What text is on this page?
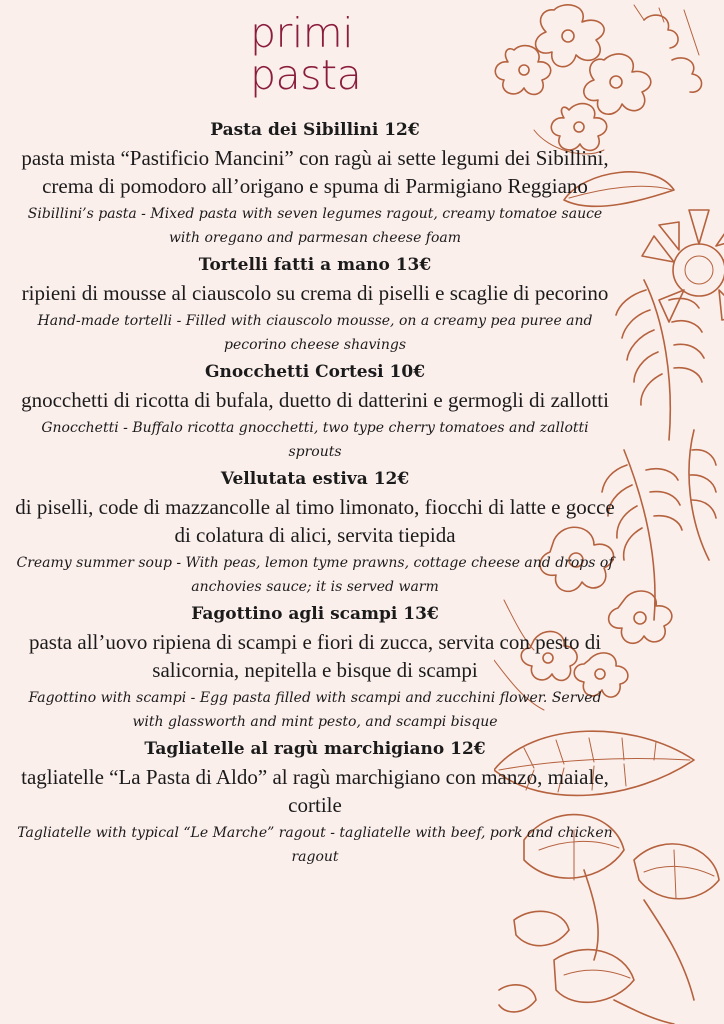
primi
pasta

Pasta dei Sibillini 12€

pasta mista “Pastificio Mancini” con ragù ai sette legumi dei Sibillini, crema di pomodoro all’origano e spuma di Parmigiano Reggiano

Sibillini’s pasta - Mixed pasta with seven legumes ragout, creamy tomatoe sauce with oregano and parmesan cheese foam

Tortelli fatti a mano 13€

ripieni di mousse al ciauscolo su crema di piselli e scaglie di pecorino

Hand-made tortelli - Filled with ciauscolo mousse, on a creamy pea puree and pecorino cheese shavings

Gnocchetti Cortesi 10€

gnocchetti di ricotta di bufala, duetto di datterini e germogli di zallotti

Gnocchetti - Buffalo ricotta gnocchetti, two type cherry tomatoes and zallotti sprouts

Vellutata estiva 12€

di piselli, code di mazzancolle al timo limonato, fiocchi di latte e gocce di colatura di alici, servita tiepida

Creamy summer soup - With peas, lemon tyme prawns, cottage cheese and drops of anchovies sauce; it is served warm

Fagottino agli scampi 13€

pasta all’uovo ripiena di scampi e fiori di zucca, servita con pesto di salicornia, nepitella e bisque di scampi

Fagottino with scampi - Egg pasta filled with scampi and zucchini flower. Served with glassworth and mint pesto, and scampi bisque

Tagliatelle al ragù marchigiano 12€

tagliatelle “La Pasta di Aldo” al ragù marchigiano con manzo, maiale, cortile

Tagliatelle with typical “Le Marche” ragout - tagliatelle with beef, pork and chicken ragout
